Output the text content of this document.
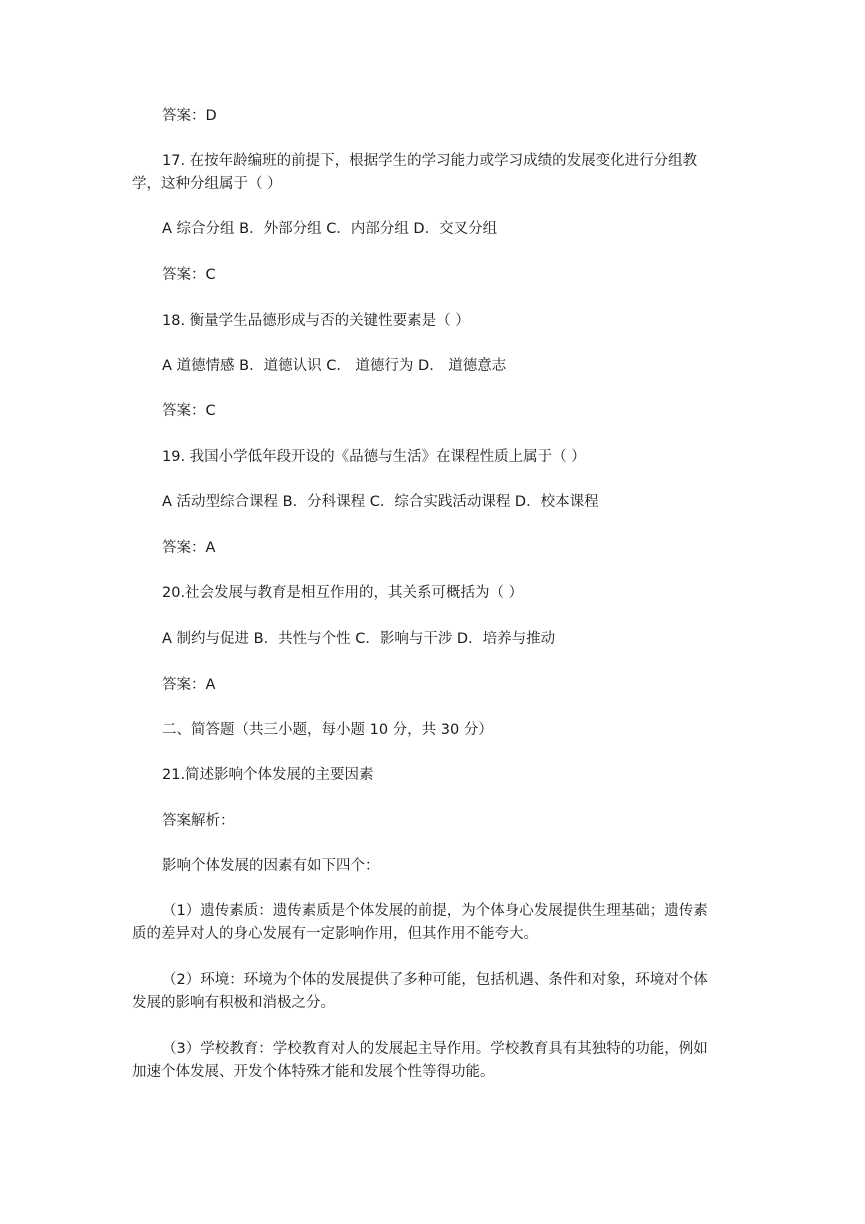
答案：D
17. 在按年龄编班的前提下，根据学生的学习能力或学习成绩的发展变化进行分组教
学，这种分组属于（ ）
A 综合分组 B．外部分组 C．内部分组 D．交叉分组
答案：C
18. 衡量学生品德形成与否的关键性要素是（ ）
A 道德情感 B．道德认识 C． 道德行为 D． 道德意志
答案：C
19. 我国小学低年段开设的《品德与生活》在课程性质上属于（ ）
A 活动型综合课程 B．分科课程 C．综合实践活动课程 D．校本课程
答案：A
20.社会发展与教育是相互作用的，其关系可概括为（ ）
A 制约与促进 B．共性与个性 C．影响与干涉 D．培养与推动
答案：A
二、简答题（共三小题，每小题 10 分，共 30 分）
21.简述影响个体发展的主要因素
答案解析：
影响个体发展的因素有如下四个：
（1）遗传素质：遗传素质是个体发展的前提，为个体身心发展提供生理基础；遗传素
质的差异对人的身心发展有一定影响作用，但其作用不能夸大。
（2）环境：环境为个体的发展提供了多种可能，包括机遇、条件和对象，环境对个体
发展的影响有积极和消极之分。
（3）学校教育：学校教育对人的发展起主导作用。学校教育具有其独特的功能，例如
加速个体发展、开发个体特殊才能和发展个性等得功能。
